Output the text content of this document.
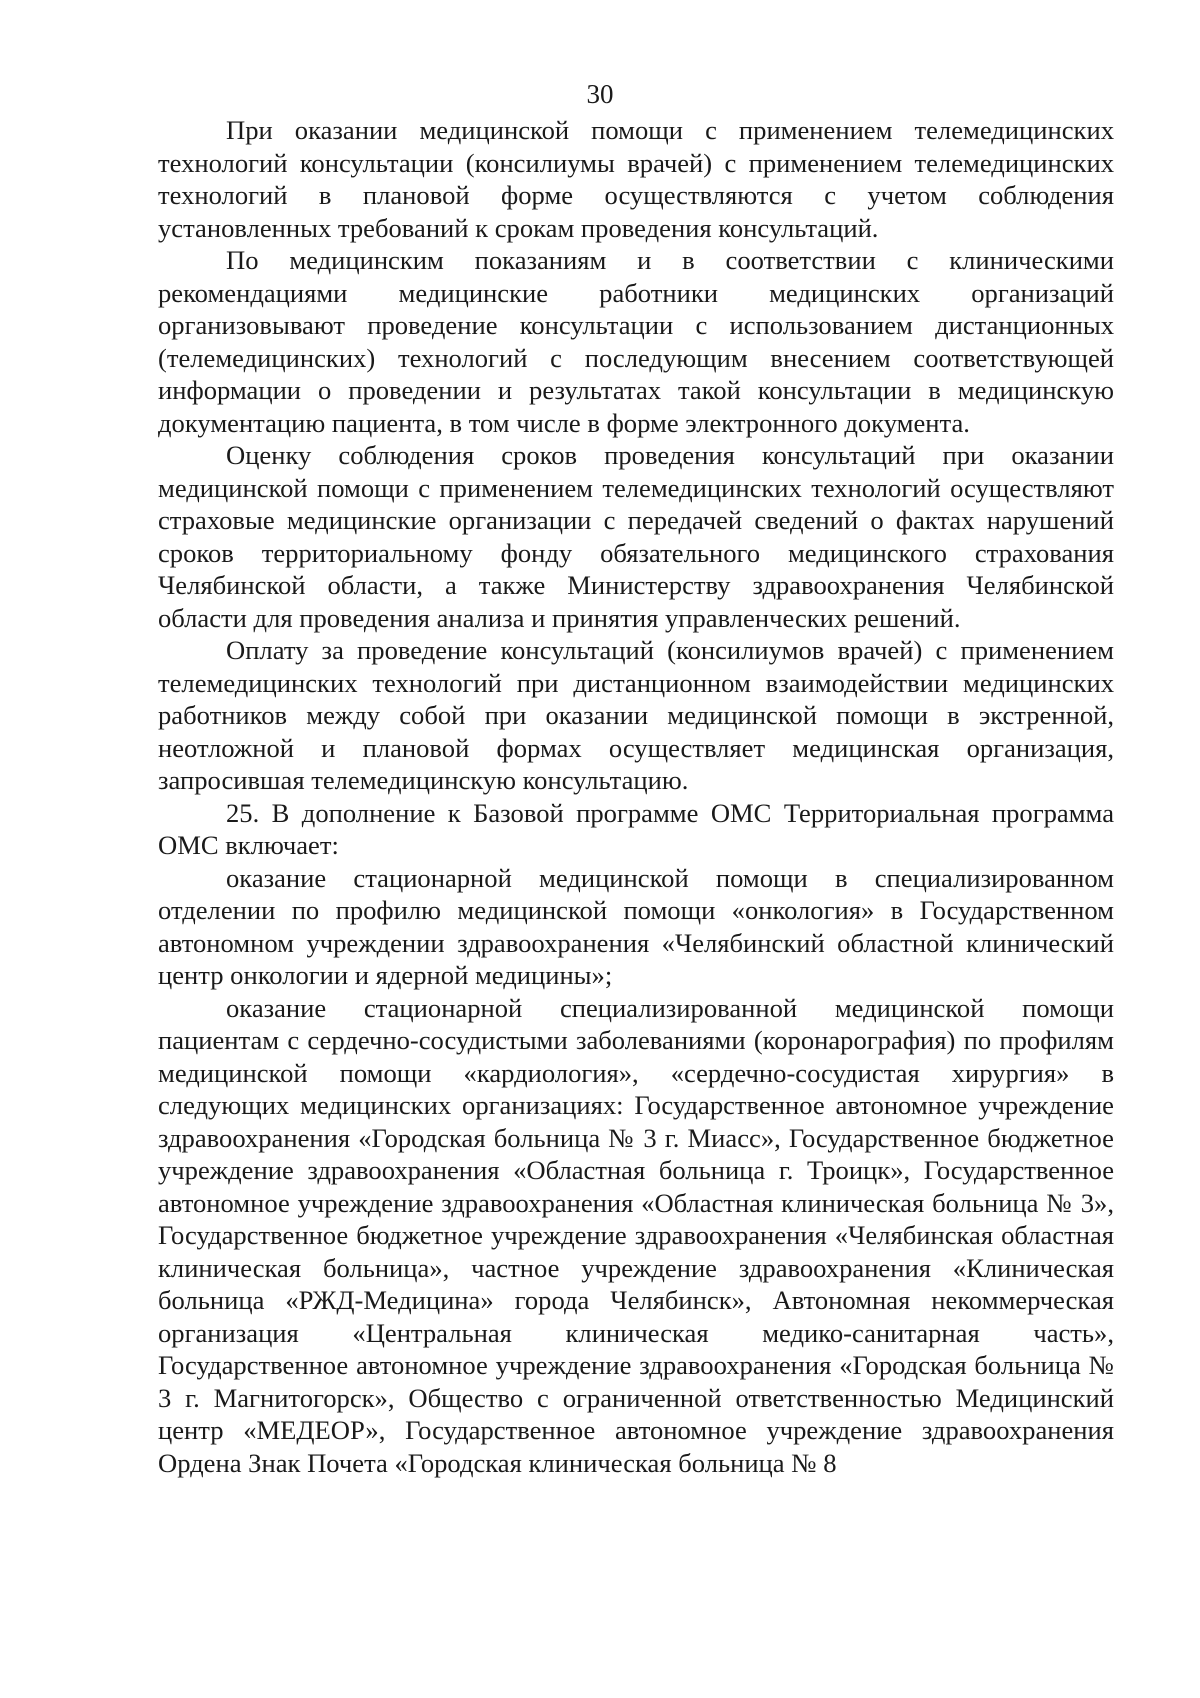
30

При оказании медицинской помощи с применением телемедицинских технологий консультации (консилиумы врачей) с применением телемедицинских технологий в плановой форме осуществляются с учетом соблюдения установленных требований к срокам проведения консультаций.

По медицинским показаниям и в соответствии с клиническими рекомендациями медицинские работники медицинских организаций организовывают проведение консультации с использованием дистанционных (телемедицинских) технологий с последующим внесением соответствующей информации о проведении и результатах такой консультации в медицинскую документацию пациента, в том числе в форме электронного документа.

Оценку соблюдения сроков проведения консультаций при оказании медицинской помощи с применением телемедицинских технологий осуществляют страховые медицинские организации с передачей сведений о фактах нарушений сроков территориальному фонду обязательного медицинского страхования Челябинской области, а также Министерству здравоохранения Челябинской области для проведения анализа и принятия управленческих решений.

Оплату за проведение консультаций (консилиумов врачей) с применением телемедицинских технологий при дистанционном взаимодействии медицинских работников между собой при оказании медицинской помощи в экстренной, неотложной и плановой формах осуществляет медицинская организация, запросившая телемедицинскую консультацию.

25. В дополнение к Базовой программе ОМС Территориальная программа ОМС включает:

оказание стационарной медицинской помощи в специализированном отделении по профилю медицинской помощи «онкология» в Государственном автономном учреждении здравоохранения «Челябинский областной клинический центр онкологии и ядерной медицины»;

оказание стационарной специализированной медицинской помощи пациентам с сердечно-сосудистыми заболеваниями (коронарография) по профилям медицинской помощи «кардиология», «сердечно-сосудистая хирургия» в следующих медицинских организациях: Государственное автономное учреждение здравоохранения «Городская больница № 3 г. Миасс», Государственное бюджетное учреждение здравоохранения «Областная больница г. Троицк», Государственное автономное учреждение здравоохранения «Областная клиническая больница № 3», Государственное бюджетное учреждение здравоохранения «Челябинская областная клиническая больница», частное учреждение здравоохранения «Клиническая больница «РЖД-Медицина» города Челябинск», Автономная некоммерческая организация «Центральная клиническая медико-санитарная часть», Государственное автономное учреждение здравоохранения «Городская больница № 3 г. Магнитогорск», Общество с ограниченной ответственностью Медицинский центр «МЕДЕОР», Государственное автономное учреждение здравоохранения Ордена Знак Почета «Городская клиническая больница № 8
